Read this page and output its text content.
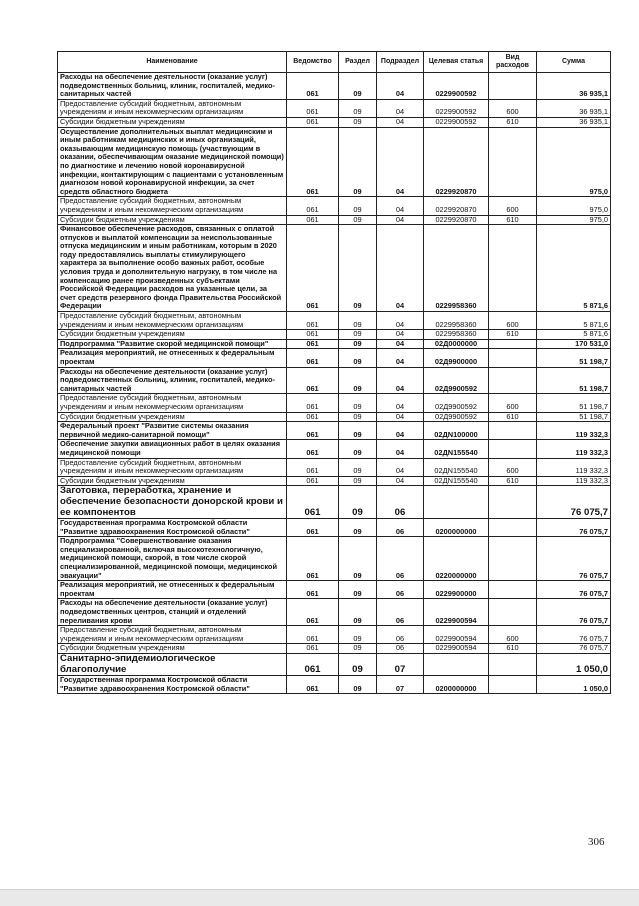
Наименование	Ведомство	Раздел	Подраздел	Целевая статья	Вид расходов	Сумма
Расходы на обеспечение деятельности (оказание услуг) подведомственных больниц, клиник, госпиталей, медико-санитарных частей	061	09	04	0229900592		36 935,1
Предоставление субсидий бюджетным, автономным учреждениям и иным некоммерческим организациям	061	09	04	0229900592	600	36 935,1
Субсидии бюджетным учреждениям	061	09	04	0229900592	610	36 935,1
Осуществление дополнительных выплат медицинским и иным работникам медицинских и иных организаций, оказывающим медицинскую помощь (участвующим в оказании, обеспечивающим оказание медицинской помощи) по диагностике и лечению новой коронавирусной инфекции, контактирующим с пациентами с установленным диагнозом новой коронавирусной инфекции, за счет средств областного бюджета	061	09	04	0229920870		975,0
Предоставление субсидий бюджетным, автономным учреждениям и иным некоммерческим организациям	061	09	04	0229920870	600	975,0
Субсидии бюджетным учреждениям	061	09	04	0229920870	610	975,0
Финансовое обеспечение расходов, связанных с оплатой отпусков и выплатой компенсации за неиспользованные отпуска медицинским и иным работникам, которым в 2020 году предоставлялись выплаты стимулирующего характера за выполнение особо важных работ, особые условия труда и дополнительную нагрузку, в том числе на компенсацию ранее произведенных субъектами Российской Федерации расходов на указанные цели, за счет средств резервного фонда Правительства Российской Федерации	061	09	04	0229958360		5 871,6
Предоставление субсидий бюджетным, автономным учреждениям и иным некоммерческим организациям	061	09	04	0229958360	600	5 871,6
Субсидии бюджетным учреждениям	061	09	04	0229958360	610	5 871,6
Подпрограмма "Развитие скорой медицинской помощи"	061	09	04	02Д0000000		170 531,0
Реализация мероприятий, не отнесенных к федеральным проектам	061	09	04	02Д9900000		51 198,7
Расходы на обеспечение деятельности (оказание услуг) подведомственных больниц, клиник, госпиталей, медико-санитарных частей	061	09	04	02Д9900592		51 198,7
Предоставление субсидий бюджетным, автономным учреждениям и иным некоммерческим организациям	061	09	04	02Д9900592	600	51 198,7
Субсидии бюджетным учреждениям	061	09	04	02Д9900592	610	51 198,7
Федеральный проект "Развитие системы оказания первичной медико-санитарной помощи"	061	09	04	02ДN100000		119 332,3
Обеспечение закупки авиационных работ в целях оказания медицинской помощи	061	09	04	02ДN155540		119 332,3
Предоставление субсидий бюджетным, автономным учреждениям и иным некоммерческим организациям	061	09	04	02ДN155540	600	119 332,3
Субсидии бюджетным учреждениям	061	09	04	02ДN155540	610	119 332,3
Заготовка, переработка, хранение и обеспечение безопасности донорской крови и ее компонентов	061	09	06			76 075,7
Государственная программа Костромской области "Развитие здравоохранения Костромской области"	061	09	06	0200000000		76 075,7
Подпрограмма "Совершенствование оказания специализированной, включая высокотехнологичную, медицинской помощи, скорой, в том числе скорой специализированной, медицинской помощи, медицинской эвакуации"	061	09	06	0220000000		76 075,7
Реализация мероприятий, не отнесенных к федеральным проектам	061	09	06	0229900000		76 075,7
Расходы на обеспечение деятельности (оказание услуг) подведомственных центров, станций и отделений переливания крови	061	09	06	0229900594		76 075,7
Предоставление субсидий бюджетным, автономным учреждениям и иным некоммерческим организациям	061	09	06	0229900594	600	76 075,7
Субсидии бюджетным учреждениям	061	09	06	0229900594	610	76 075,7
Санитарно-эпидемиологическое благополучие	061	09	07			1 050,0
Государственная программа Костромской области "Развитие здравоохранения Костромской области"	061	09	07	0200000000		1 050,0
306
